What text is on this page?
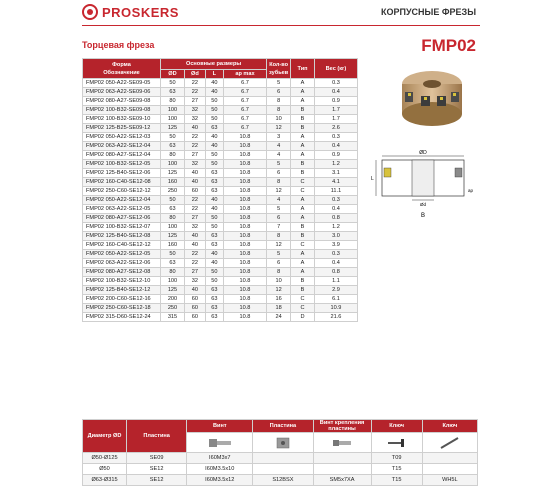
PROSKERS	КОРПУСНЫЕ ФРЕЗЫ
Торцевая фреза	FMP02
Форма
Обозначение	Основные размеры				Кол-во зубьев	Тип	Вес (кг)
	ØD	Ød	L	ap max			
FMP02 050-A22-SE09-05	50	22	40	6.7	5	A	0.3
FMP02 063-A22-SE09-06	63	22	40	6.7	6	A	0.4
FMP02 080-A27-SE09-08	80	27	50	6.7	8	A	0.9
FMP02 100-B32-SE09-08	100	32	50	6.7	8	B	1.7
FMP02 100-B32-SE09-10	100	32	50	6.7	10	B	1.7
FMP02 125-B25-SE09-12	125	40	63	6.7	12	B	2.6
FMP02 050-A22-SE12-03	50	22	40	10.8	3	A	0.3
FMP02 063-A22-SE12-04	63	22	40	10.8	4	A	0.4
FMP02 080-A27-SE12-04	80	27	50	10.8	4	A	0.9
FMP02 100-B32-SE12-05	100	32	50	10.8	5	B	1.2
FMP02 125-B40-SE12-06	125	40	63	10.8	6	B	3.1
FMP02 160-C40-SE12-08	160	40	63	10.8	8	C	4.1
FMP02 250-C60-SE12-12	250	60	63	10.8	12	C	11.1
FMP02 050-A22-SE12-04	50	22	40	10.8	4	A	0.3
FMP02 063-A22-SE12-05	63	22	40	10.8	5	A	0.4
FMP02 080-A27-SE12-06	80	27	50	10.8	6	A	0.8
FMP02 100-B32-SE12-07	100	32	50	10.8	7	B	1.2
FMP02 125-B40-SE12-08	125	40	63	10.8	8	B	3.0
FMP02 160-C40-SE12-12	160	40	63	10.8	12	C	3.9
FMP02 050-A22-SE12-05	50	22	40	10.8	5	A	0.3
FMP02 063-A22-SE12-06	63	22	40	10.8	6	A	0.4
FMP02 080-A27-SE12-08	80	27	50	10.8	8	A	0.8
FMP02 100-B32-SE12-10	100	32	50	10.8	10	B	1.1
FMP02 125-B40-SE12-12	125	40	63	10.8	12	B	2.9
FMP02 200-C60-SE12-16	200	60	63	10.8	16	C	6.1
FMP02 250-C60-SE12-18	250	60	63	10.8	18	C	10.9
FMP02 315-D60-SE12-24	315	60	63	10.8	24	D	21.6
ØD
L
Ød
ap
B
Диаметр ØD	Пластина	Винт	Пластина	Винт крепления пластины	Ключ	Ключ

Ø50-Ø125	SE09	I60M3x7			T09	
Ø50	SE12	I60M3.5x10			T15	
Ø63-Ø315	SE12	I60M3.5x12	S12BSX	SM5x7XA	T15	WH5L
